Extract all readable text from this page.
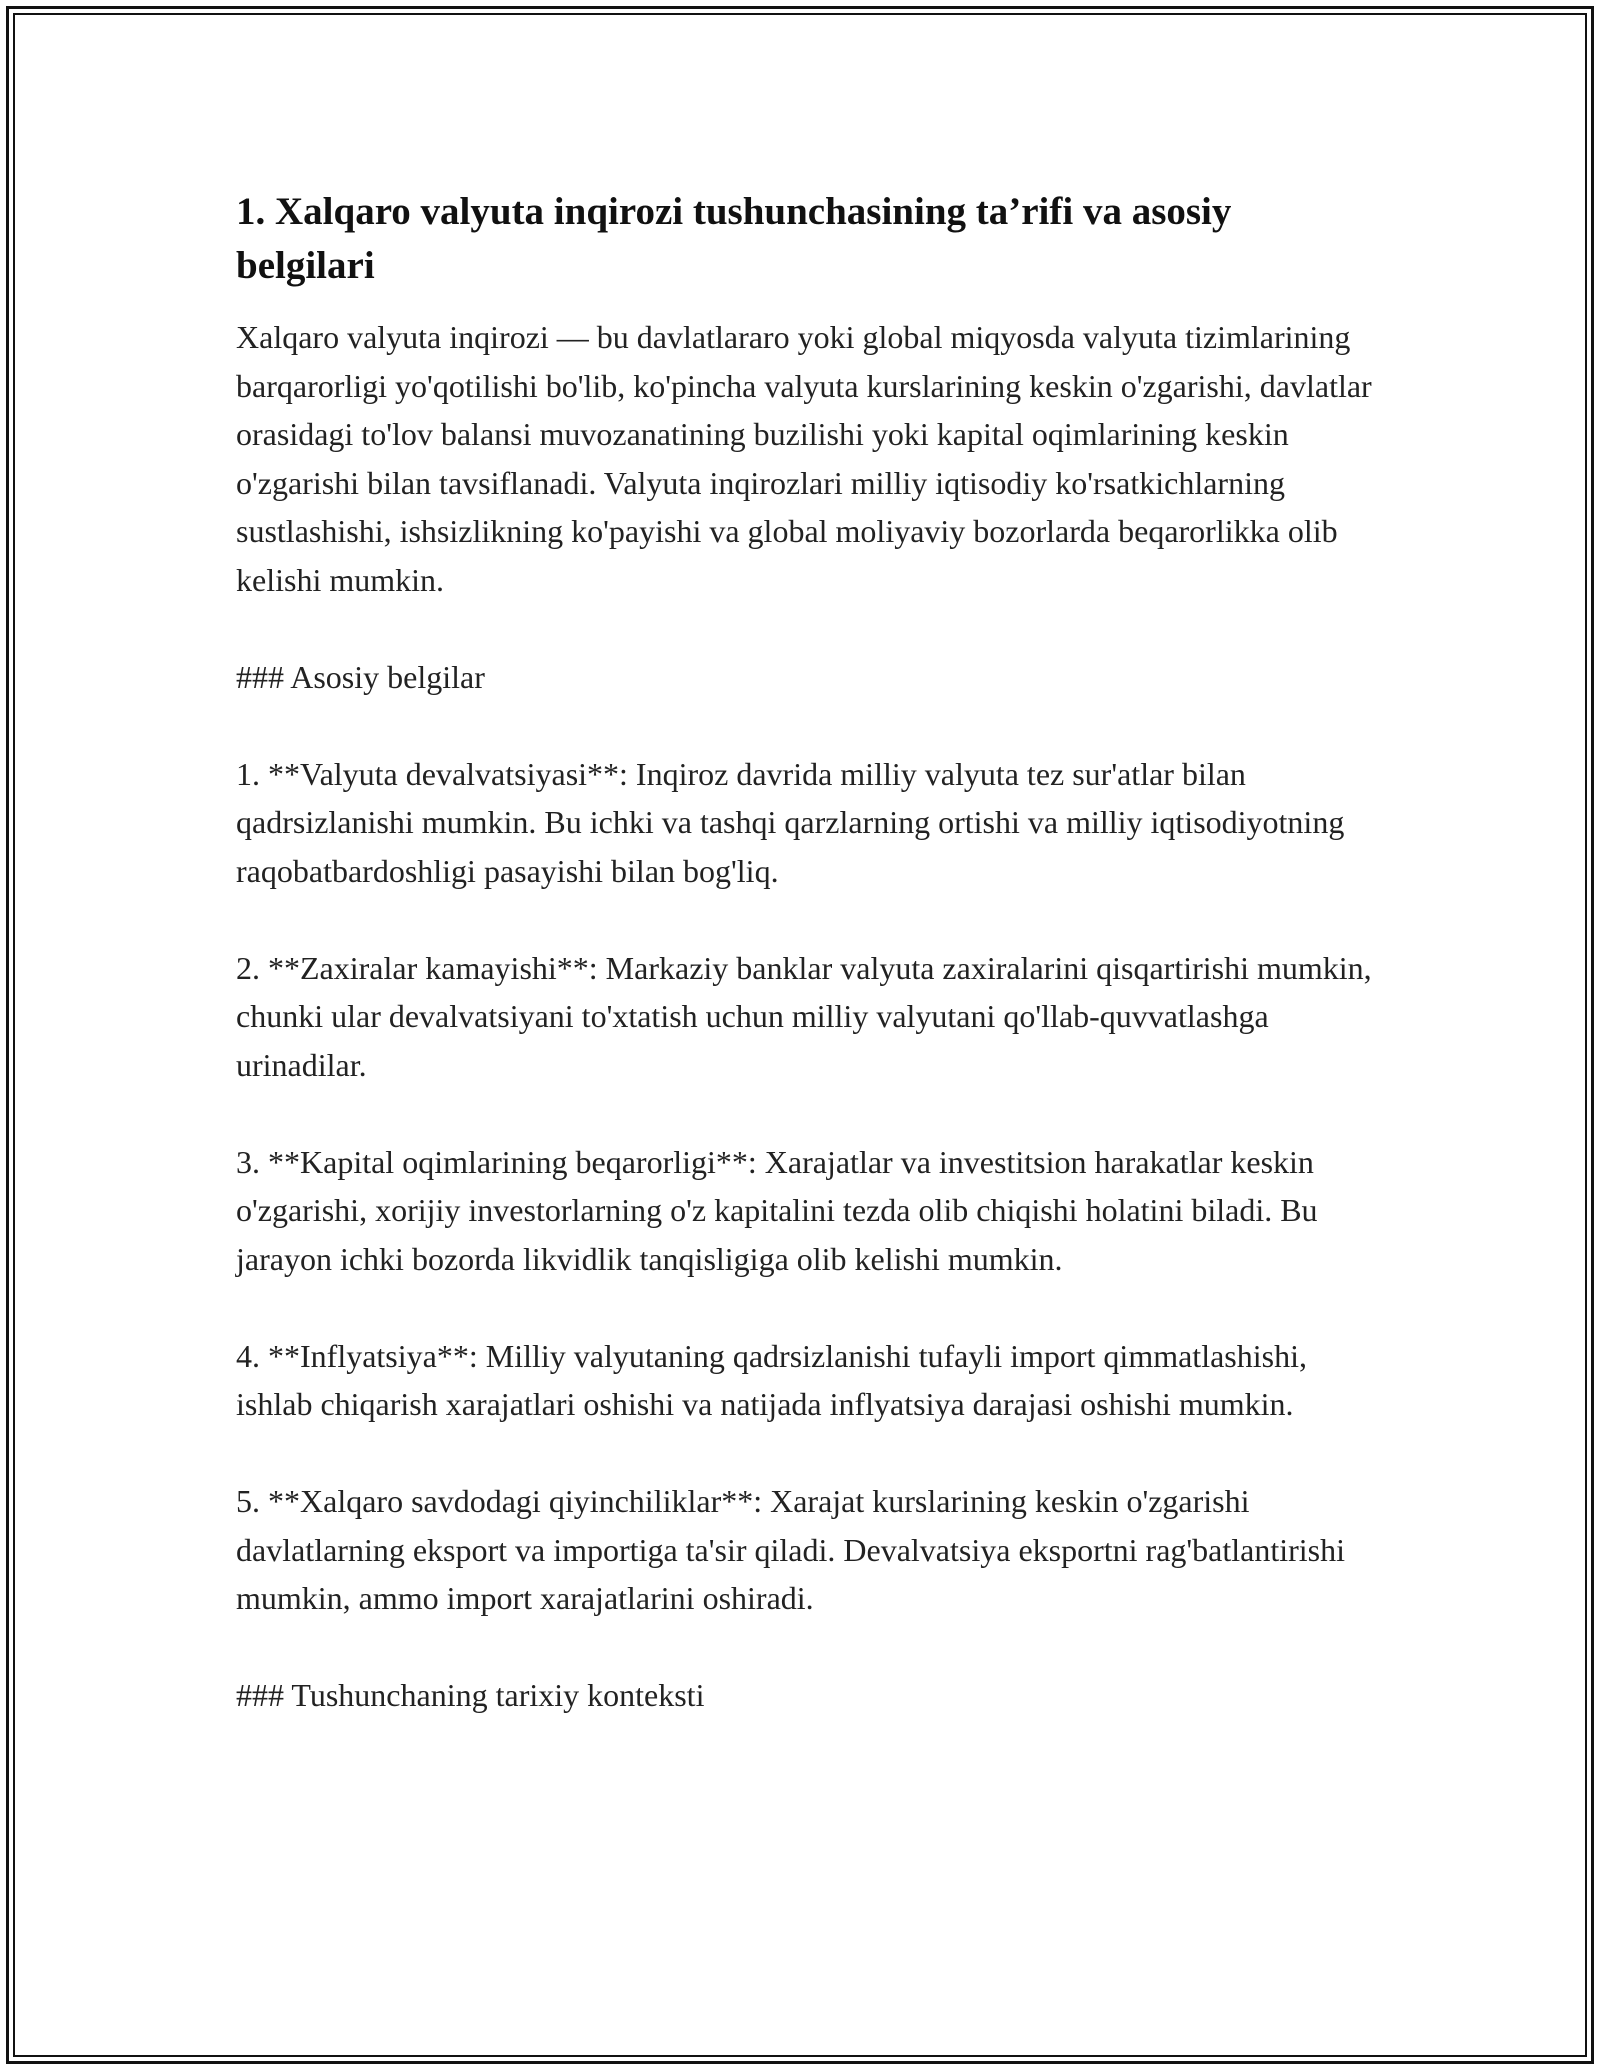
1. Xalqaro valyuta inqirozi tushunchasining ta’rifi va asosiy belgilari

Xalqaro valyuta inqirozi — bu davlatlararo yoki global miqyosda valyuta tizimlarining barqarorligi yo'qotilishi bo'lib, ko'pincha valyuta kurslarining keskin o'zgarishi, davlatlar orasidagi to'lov balansi muvozanatining buzilishi yoki kapital oqimlarining keskin o'zgarishi bilan tavsiflanadi. Valyuta inqirozlari milliy iqtisodiy ko'rsatkichlarning sustlashishi, ishsizlikning ko'payishi va global moliyaviy bozorlarda beqarorlikka olib kelishi mumkin.

### Asosiy belgilar

1. **Valyuta devalvatsiyasi**: Inqiroz davrida milliy valyuta tez sur'atlar bilan qadrsizlanishi mumkin. Bu ichki va tashqi qarzlarning ortishi va milliy iqtisodiyotning raqobatbardoshligi pasayishi bilan bog'liq.

2. **Zaxiralar kamayishi**: Markaziy banklar valyuta zaxiralarini qisqartirishi mumkin, chunki ular devalvatsiyani to'xtatish uchun milliy valyutani qo'llab-quvvatlashga urinadilar.

3. **Kapital oqimlarining beqarorligi**: Xarajatlar va investitsion harakatlar keskin o'zgarishi, xorijiy investorlarning o'z kapitalini tezda olib chiqishi holatini biladi. Bu jarayon ichki bozorda likvidlik tanqisligiga olib kelishi mumkin.

4. **Inflyatsiya**: Milliy valyutaning qadrsizlanishi tufayli import qimmatlashishi, ishlab chiqarish xarajatlari oshishi va natijada inflyatsiya darajasi oshishi mumkin.

5. **Xalqaro savdodagi qiyinchiliklar**: Xarajat kurslarining keskin o'zgarishi davlatlarning eksport va importiga ta'sir qiladi. Devalvatsiya eksportni rag'batlantirishi mumkin, ammo import xarajatlarini oshiradi.

### Tushunchaning tarixiy konteksti
